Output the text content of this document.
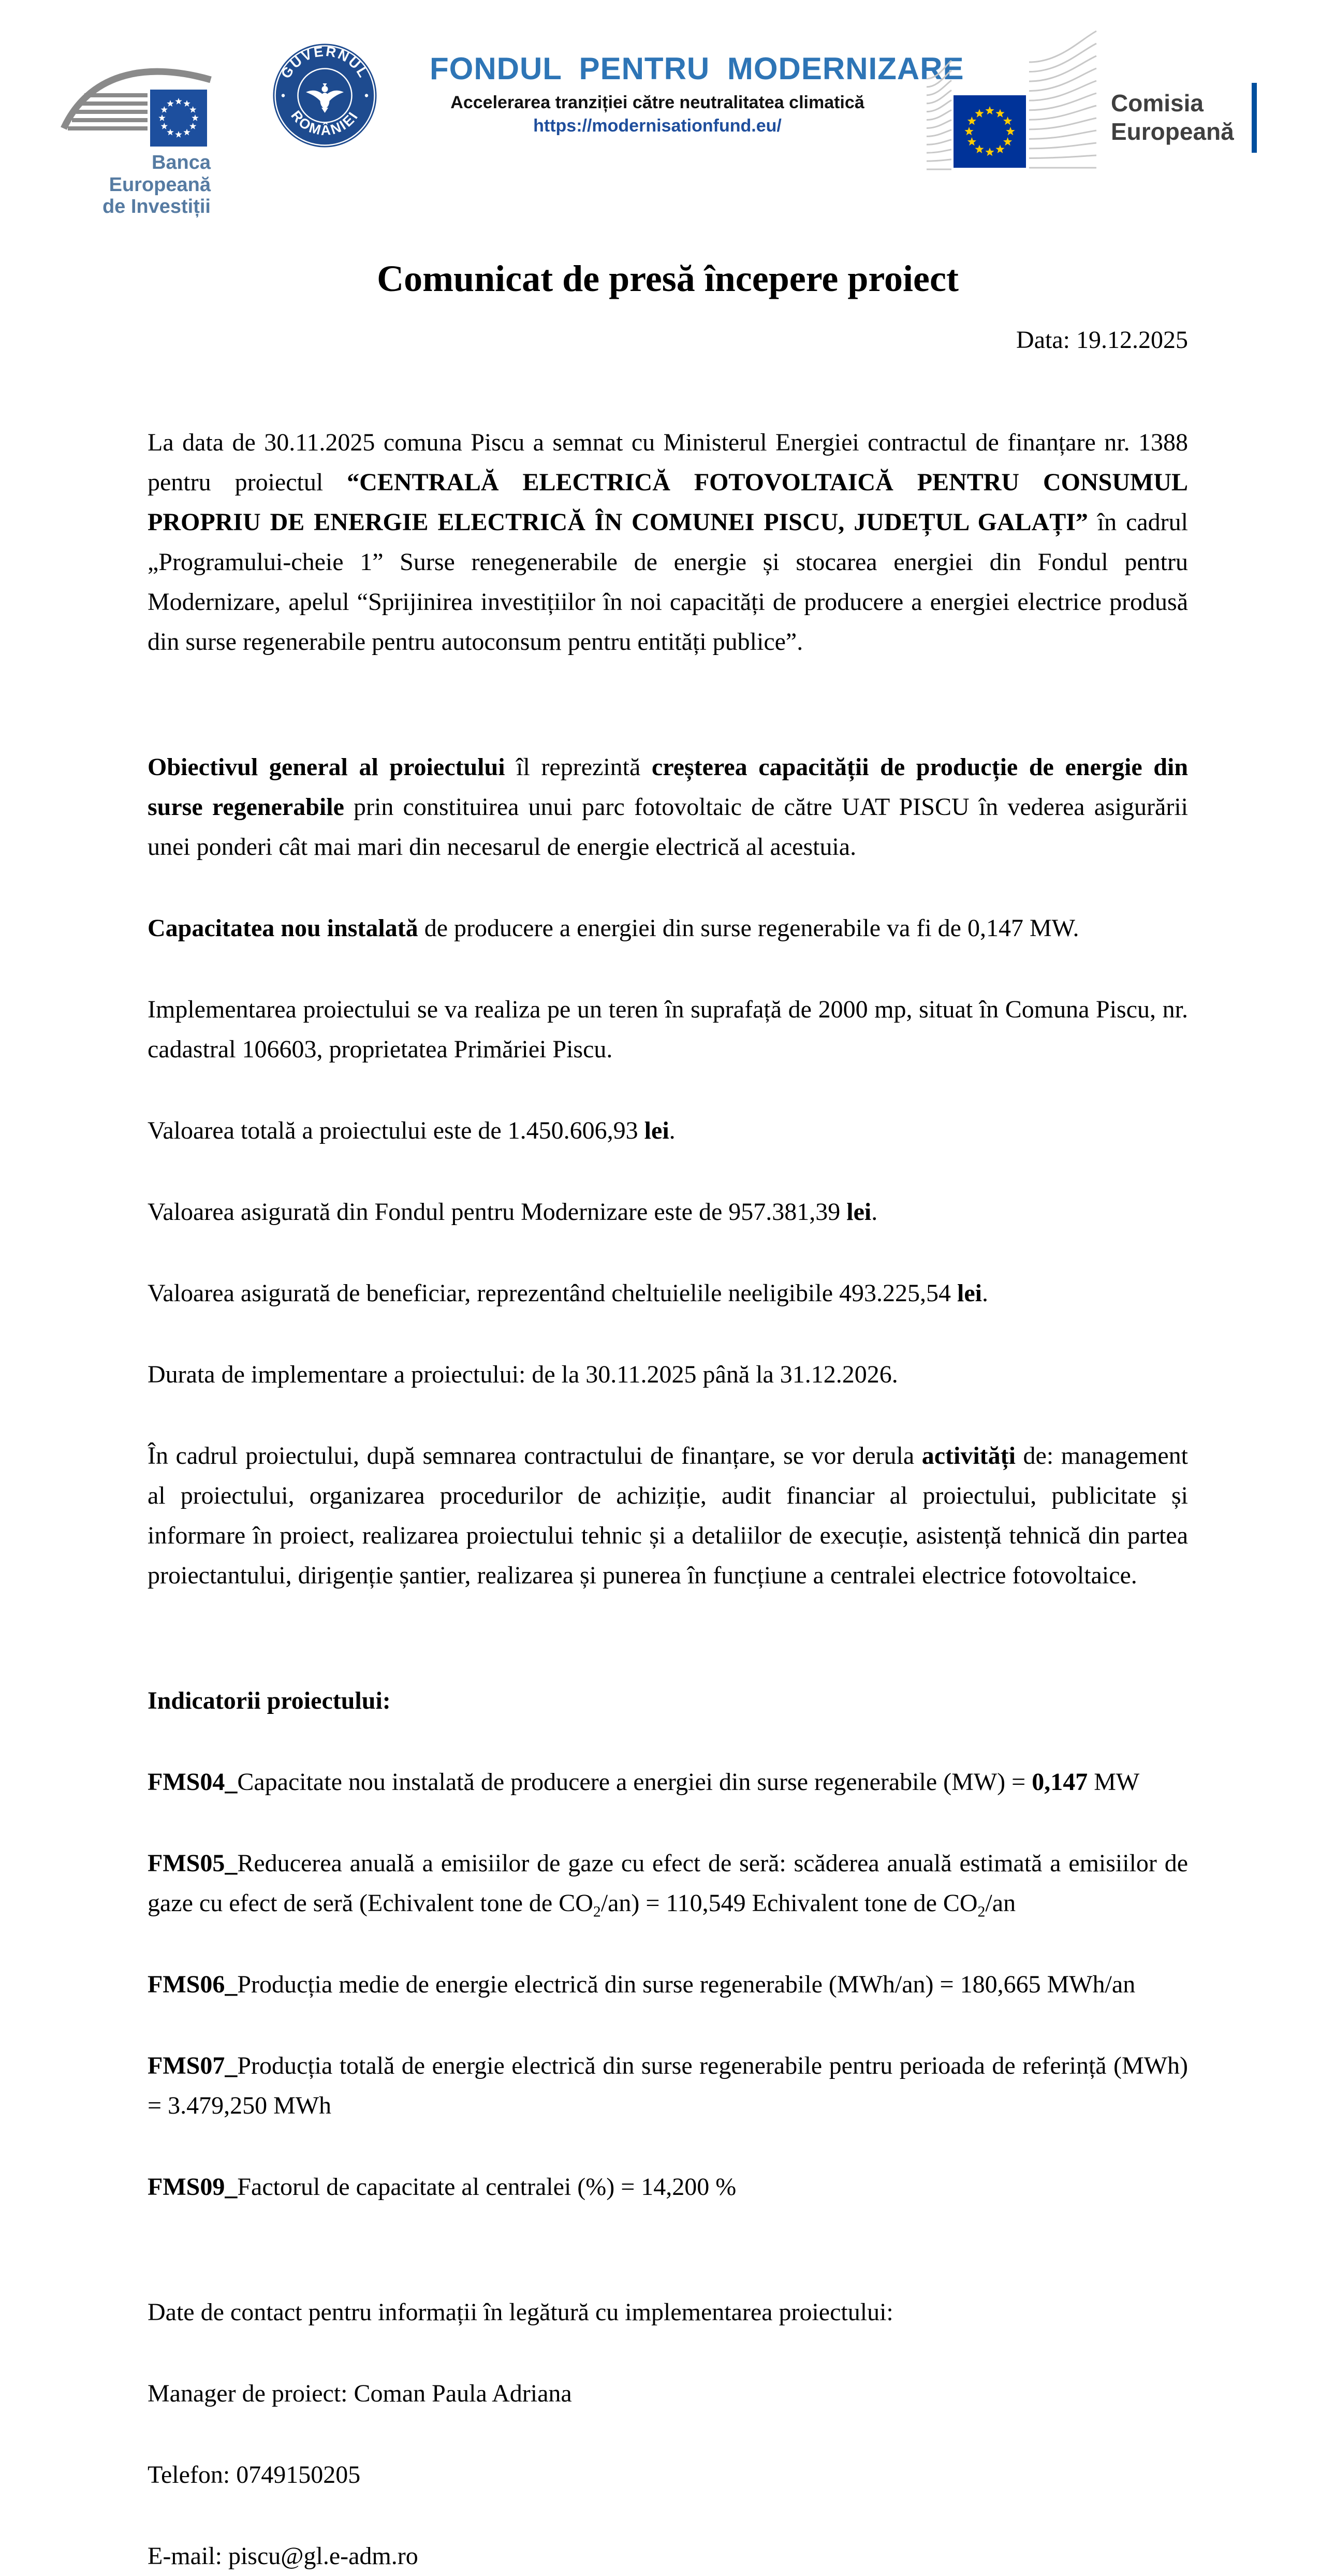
Banca Europeană
de Investiții
GUVERNUL
ROMÂNIEI
FONDUL PENTRU MODERNIZARE
Accelerarea tranziției către neutralitatea climatică
https://modernisationfund.eu/
Comisia
Europeană
Comunicat de presă începere proiect
Data: 19.12.2025

La data de 30.11.2025 comuna Piscu a semnat cu Ministerul Energiei contractul de finanțare nr. 1388 pentru proiectul “CENTRALĂ ELECTRICĂ FOTOVOLTAICĂ PENTRU CONSUMUL PROPRIU DE ENERGIE ELECTRICĂ ÎN COMUNEI PISCU, JUDEȚUL GALAȚI” în cadrul „Programului-cheie 1” Surse renegenerabile de energie și stocarea energiei din Fondul pentru Modernizare, apelul “Sprijinirea investițiilor în noi capacități de producere a energiei electrice produsă din surse regenerabile pentru autoconsum pentru entități publice”.

Obiectivul general al proiectului îl reprezintă creșterea capacității de producție de energie din surse regenerabile prin constituirea unui parc fotovoltaic de către UAT PISCU în vederea asigurării unei ponderi cât mai mari din necesarul de energie electrică al acestuia.

Capacitatea nou instalată de producere a energiei din surse regenerabile va fi de 0,147 MW.

Implementarea proiectului se va realiza pe un teren în suprafață de 2000 mp, situat în Comuna Piscu, nr. cadastral 106603, proprietatea Primăriei Piscu.

Valoarea totală a proiectului este de 1.450.606,93 lei.

Valoarea asigurată din Fondul pentru Modernizare este de 957.381,39 lei.

Valoarea asigurată de beneficiar, reprezentând cheltuielile neeligibile 493.225,54 lei.

Durata de implementare a proiectului: de la 30.11.2025 până la 31.12.2026.

În cadrul proiectului, după semnarea contractului de finanțare, se vor derula activități de: management al proiectului, organizarea procedurilor de achiziție, audit financiar al proiectului, publicitate și informare în proiect, realizarea proiectului tehnic și a detaliilor de execuție, asistență tehnică din partea proiectantului, dirigenție șantier, realizarea și punerea în funcțiune a centralei electrice fotovoltaice.

Indicatorii proiectului:

FMS04_Capacitate nou instalată de producere a energiei din surse regenerabile (MW) = 0,147 MW

FMS05_Reducerea anuală a emisiilor de gaze cu efect de seră: scăderea anuală estimată a emisiilor de gaze cu efect de seră (Echivalent tone de $CO_2/an) = 110,549$ Echivalent tone de $CO_2/an$

FMS06_Producția medie de energie electrică din surse regenerabile (MWh/an) = 180,665 MWh/an

FMS07_Producția totală de energie electrică din surse regenerabile pentru perioada de referință (MWh) = 3.479,250 MWh

FMS09_Factorul de capacitate al centralei (%) = 14,200 %

Date de contact pentru informații în legătură cu implementarea proiectului:

Manager de proiect: Coman Paula Adriana

Telefon: 0749150205

E-mail: piscu@gl.e-adm.ro
